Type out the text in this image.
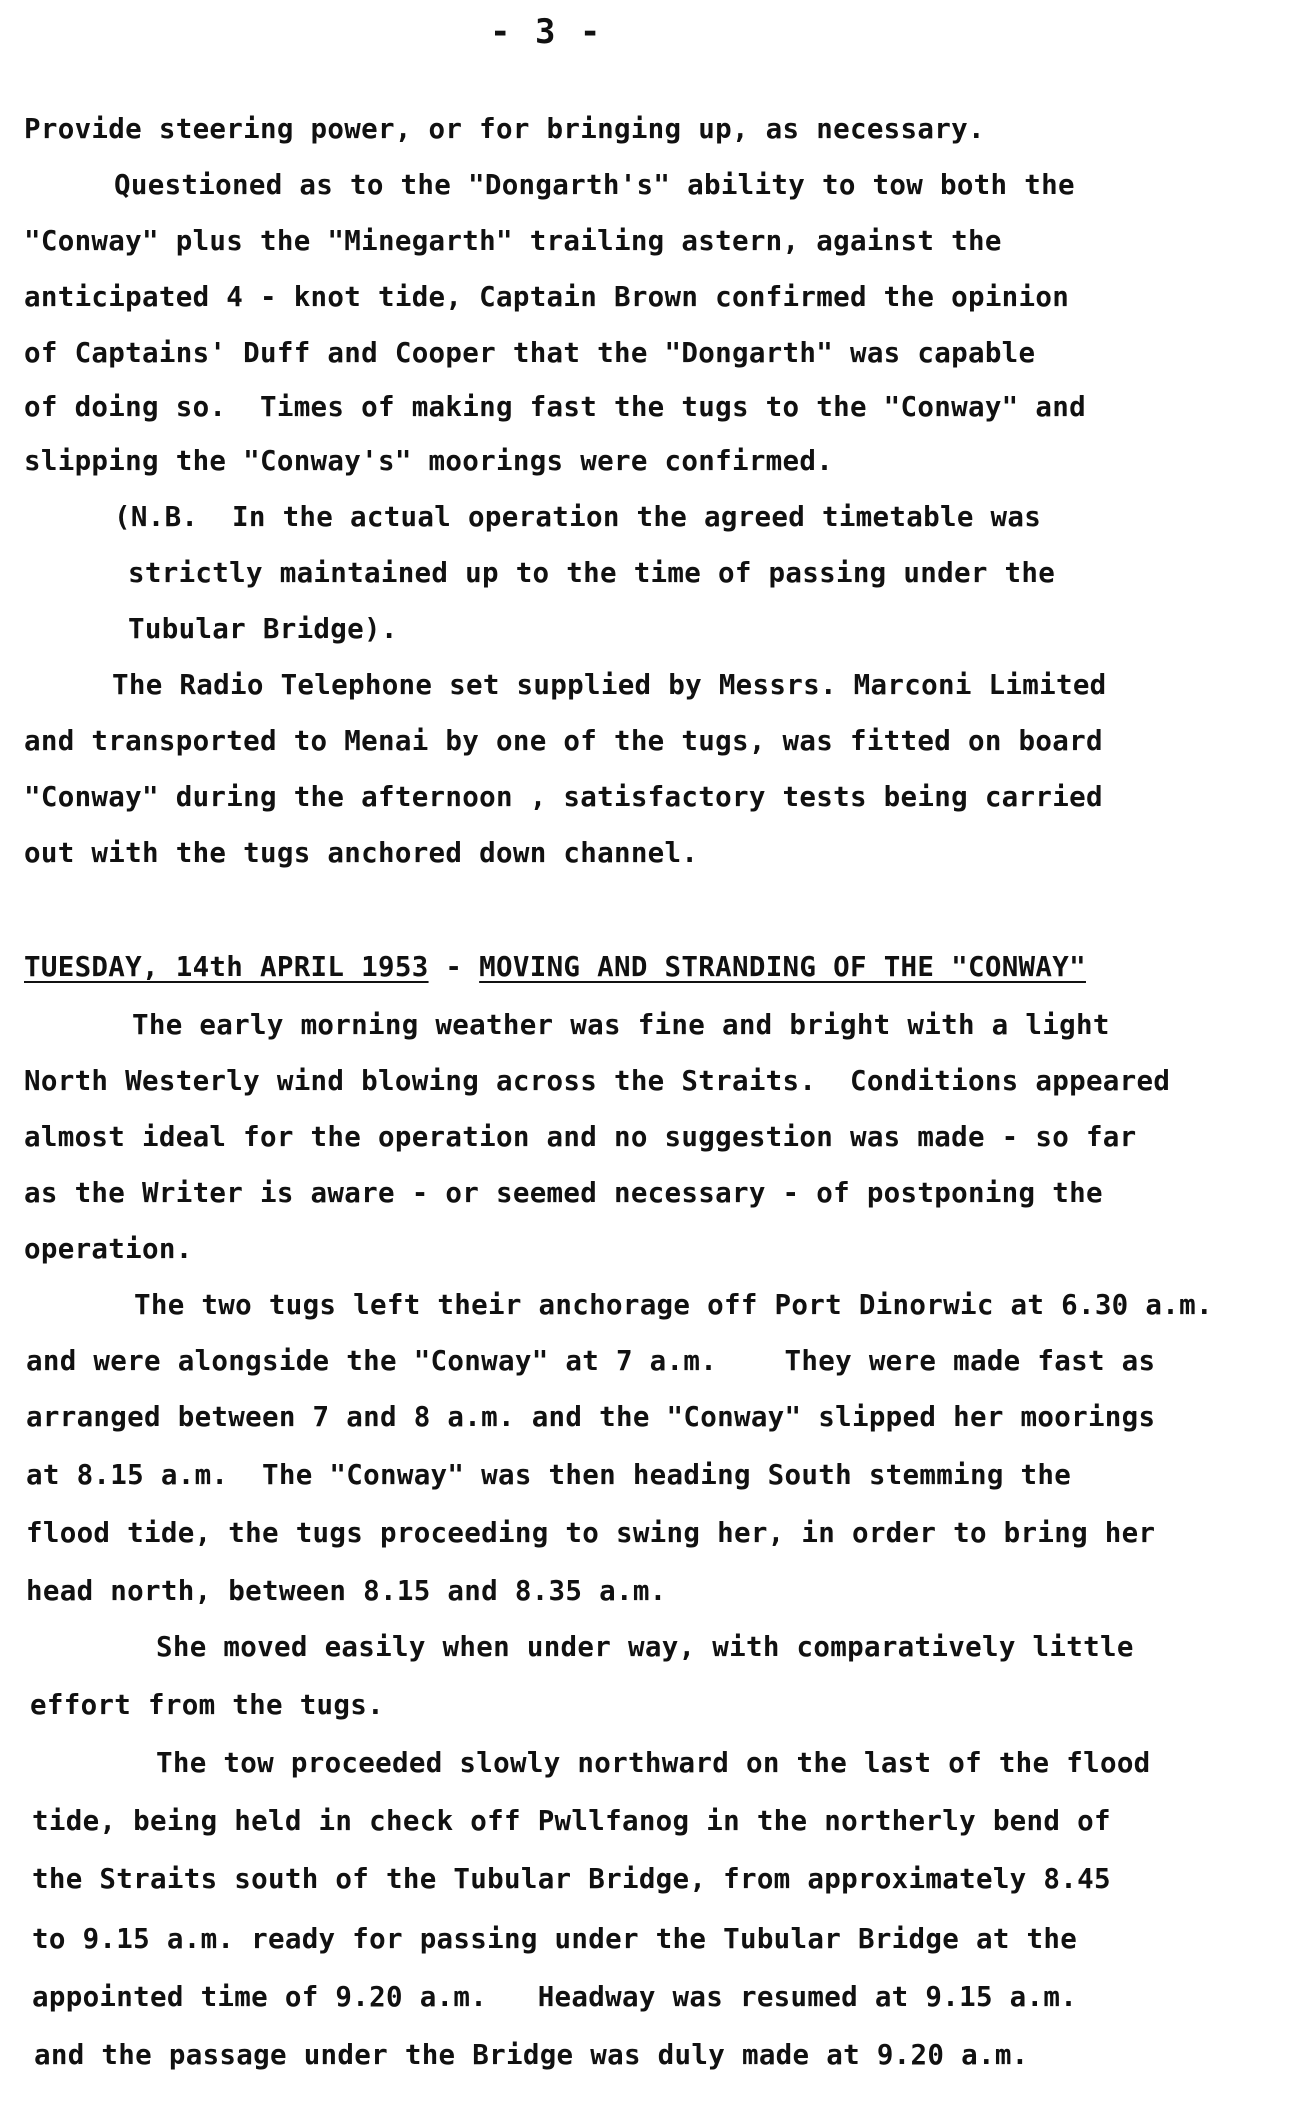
- 3 -
Provide steering power, or for bringing up, as necessary.
Questioned as to the "Dongarth's" ability to tow both the
"Conway" plus the "Minegarth" trailing astern, against the
anticipated 4 - knot tide, Captain Brown confirmed the opinion
of Captains' Duff and Cooper that the "Dongarth" was capable
of doing so.  Times of making fast the tugs to the "Conway" and
slipping the "Conway's" moorings were confirmed.
(N.B.  In the actual operation the agreed timetable was
strictly maintained up to the time of passing under the
Tubular Bridge).
The Radio Telephone set supplied by Messrs. Marconi Limited
and transported to Menai by one of the tugs, was fitted on board
"Conway" during the afternoon , satisfactory tests being carried
out with the tugs anchored down channel.
TUESDAY, 14th APRIL 1953 - MOVING AND STRANDING OF THE "CONWAY"
The early morning weather was fine and bright with a light
North Westerly wind blowing across the Straits.  Conditions appeared
almost ideal for the operation and no suggestion was made - so far
as the Writer is aware - or seemed necessary - of postponing the
operation.
The two tugs left their anchorage off Port Dinorwic at 6.30 a.m.
and were alongside the "Conway" at 7 a.m.    They were made fast as
arranged between 7 and 8 a.m. and the "Conway" slipped her moorings
at 8.15 a.m.  The "Conway" was then heading South stemming the
flood tide, the tugs proceeding to swing her, in order to bring her
head north, between 8.15 and 8.35 a.m.
She moved easily when under way, with comparatively little
effort from the tugs.
The tow proceeded slowly northward on the last of the flood
tide, being held in check off Pwllfanog in the northerly bend of
the Straits south of the Tubular Bridge, from approximately 8.45
to 9.15 a.m. ready for passing under the Tubular Bridge at the
appointed time of 9.20 a.m.   Headway was resumed at 9.15 a.m.
and the passage under the Bridge was duly made at 9.20 a.m.
